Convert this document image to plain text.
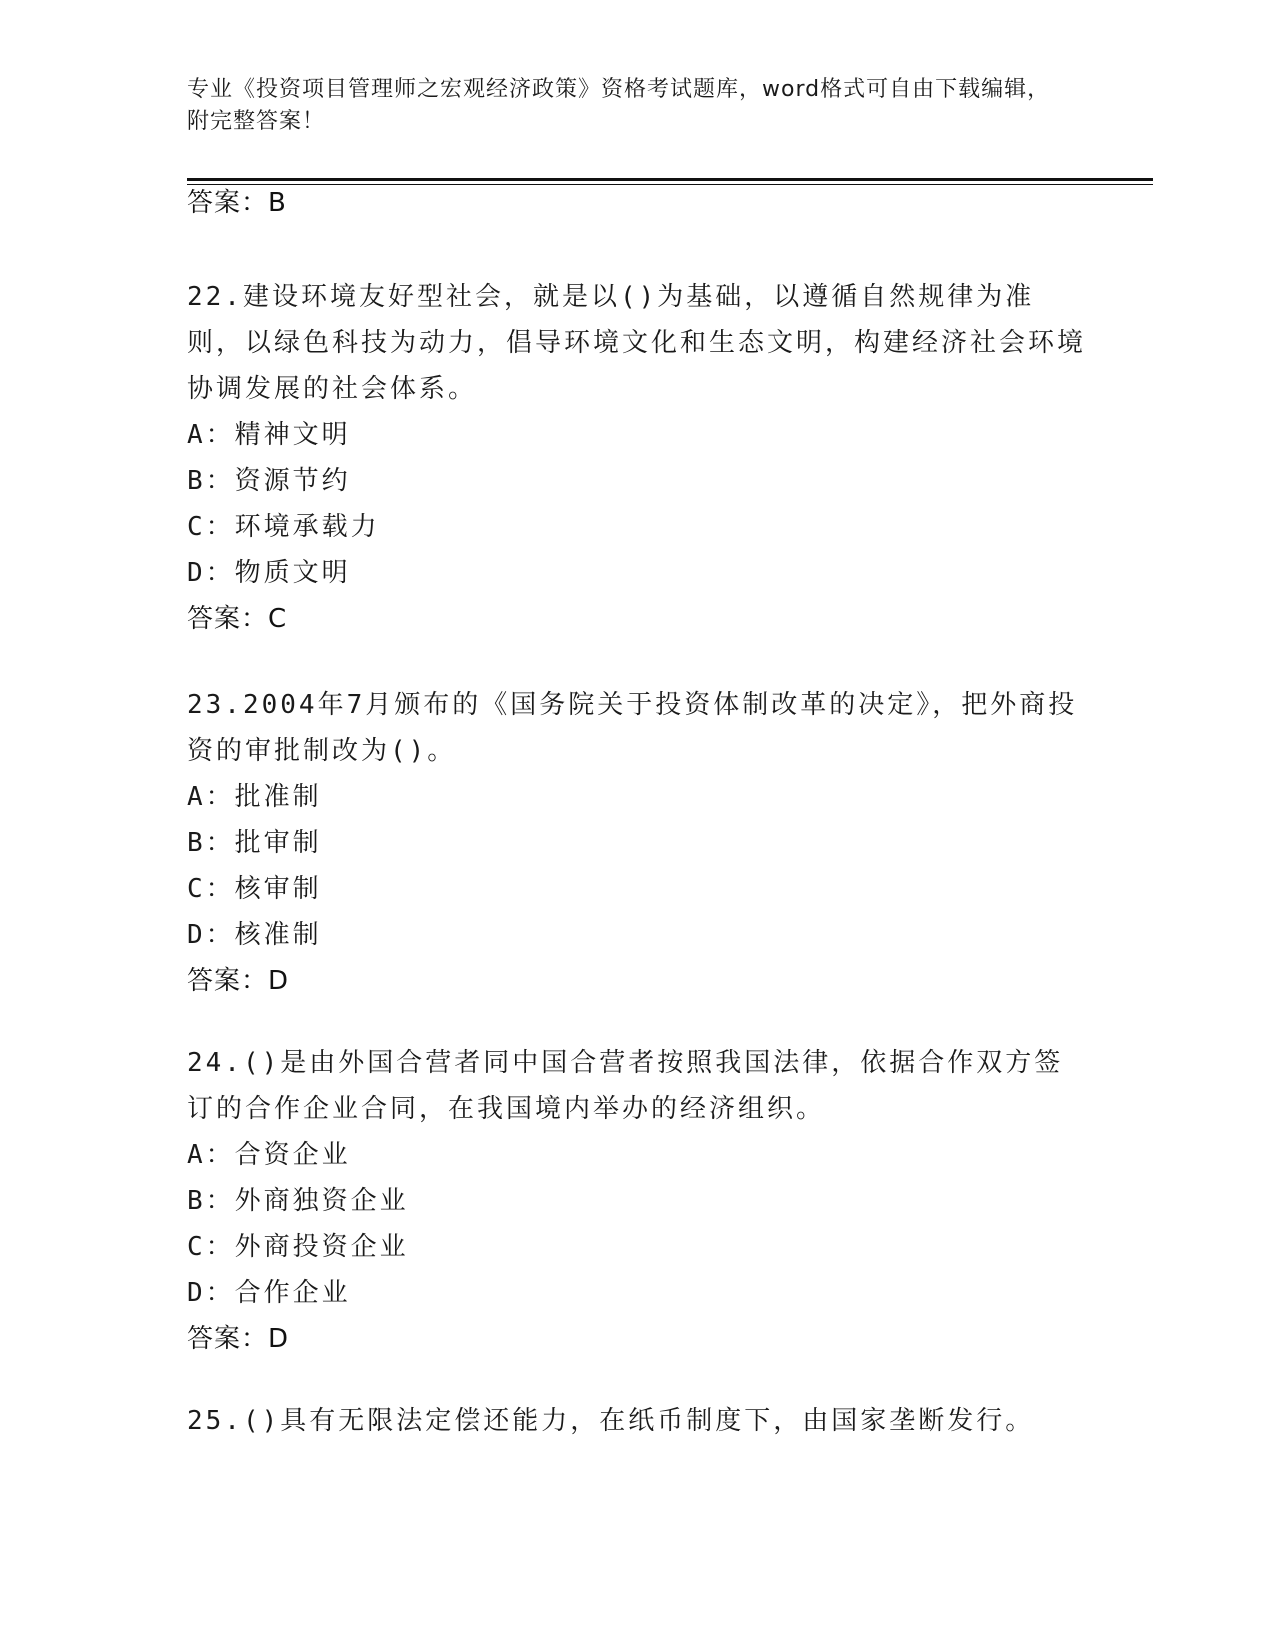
专业《投资项目管理师之宏观经济政策》资格考试题库，word格式可自由下载编辑，附完整答案！
答案：B
22.建设环境友好型社会，就是以()为基础，以遵循自然规律为准则，以绿色科技为动力，倡导环境文化和生态文明，构建经济社会环境协调发展的社会体系。
A：精神文明
B：资源节约
C：环境承载力
D：物质文明
答案：C
23.2004年7月颁布的《国务院关于投资体制改革的决定》，把外商投资的审批制改为()。
A：批准制
B：批审制
C：核审制
D：核准制
答案：D
24.()是由外国合营者同中国合营者按照我国法律，依据合作双方签订的合作企业合同，在我国境内举办的经济组织。
A：合资企业
B：外商独资企业
C：外商投资企业
D：合作企业
答案：D
25.()具有无限法定偿还能力，在纸币制度下，由国家垄断发行。
